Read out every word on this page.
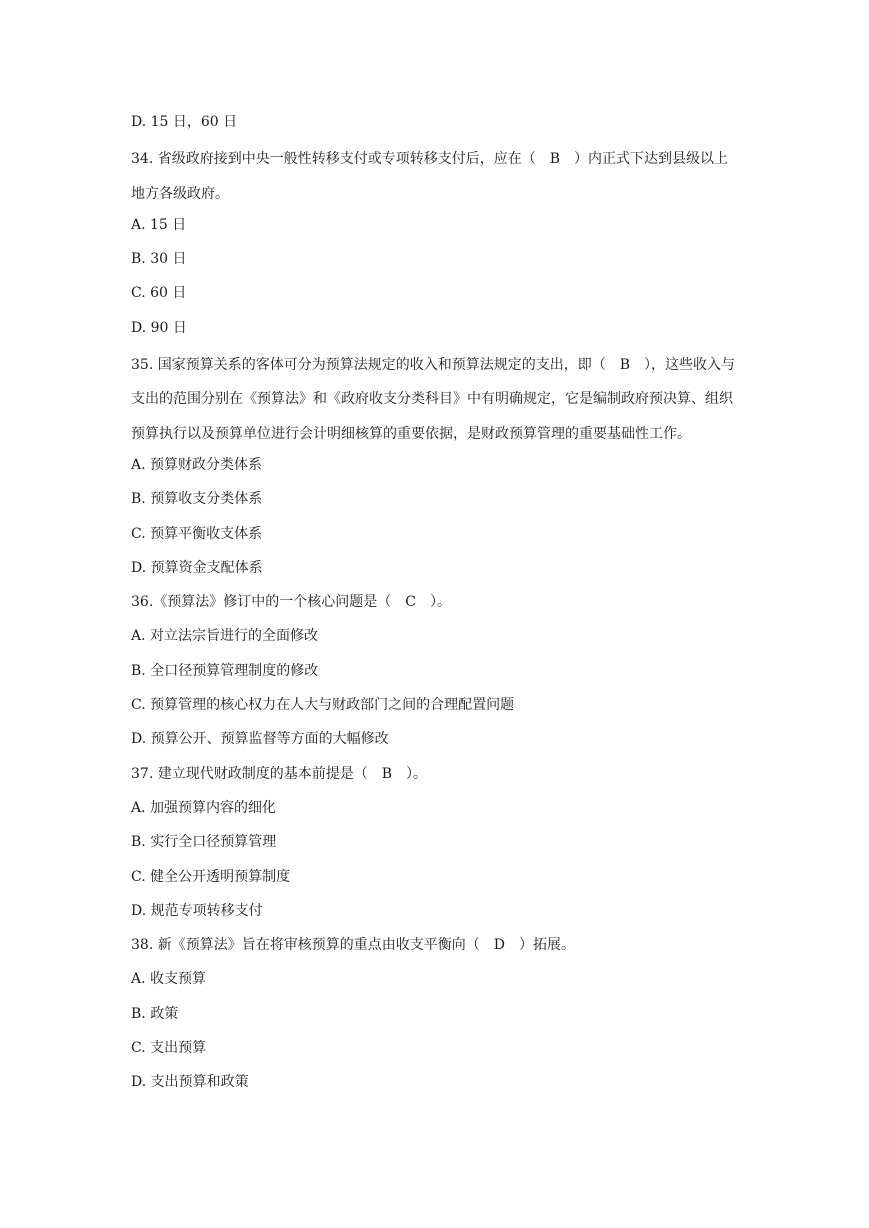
D. 15 日，60 日
34. 省级政府接到中央一般性转移支付或专项转移支付后，应在（　B　）内正式下达到县级以上地方各级政府。
A. 15 日
B. 30 日
C. 60 日
D. 90 日
35. 国家预算关系的客体可分为预算法规定的收入和预算法规定的支出，即（　B　），这些收入与支出的范围分别在《预算法》和《政府收支分类科目》中有明确规定，它是编制政府预决算、组织预算执行以及预算单位进行会计明细核算的重要依据，是财政预算管理的重要基础性工作。
A. 预算财政分类体系
B. 预算收支分类体系
C. 预算平衡收支体系
D. 预算资金支配体系
36.《预算法》修订中的一个核心问题是（　C　）。
A. 对立法宗旨进行的全面修改
B. 全口径预算管理制度的修改
C. 预算管理的核心权力在人大与财政部门之间的合理配置问题
D. 预算公开、预算监督等方面的大幅修改
37. 建立现代财政制度的基本前提是（　B　）。
A. 加强预算内容的细化
B. 实行全口径预算管理
C. 健全公开透明预算制度
D. 规范专项转移支付
38. 新《预算法》旨在将审核预算的重点由收支平衡向（　D　）拓展。
A. 收支预算
B. 政策
C. 支出预算
D. 支出预算和政策
